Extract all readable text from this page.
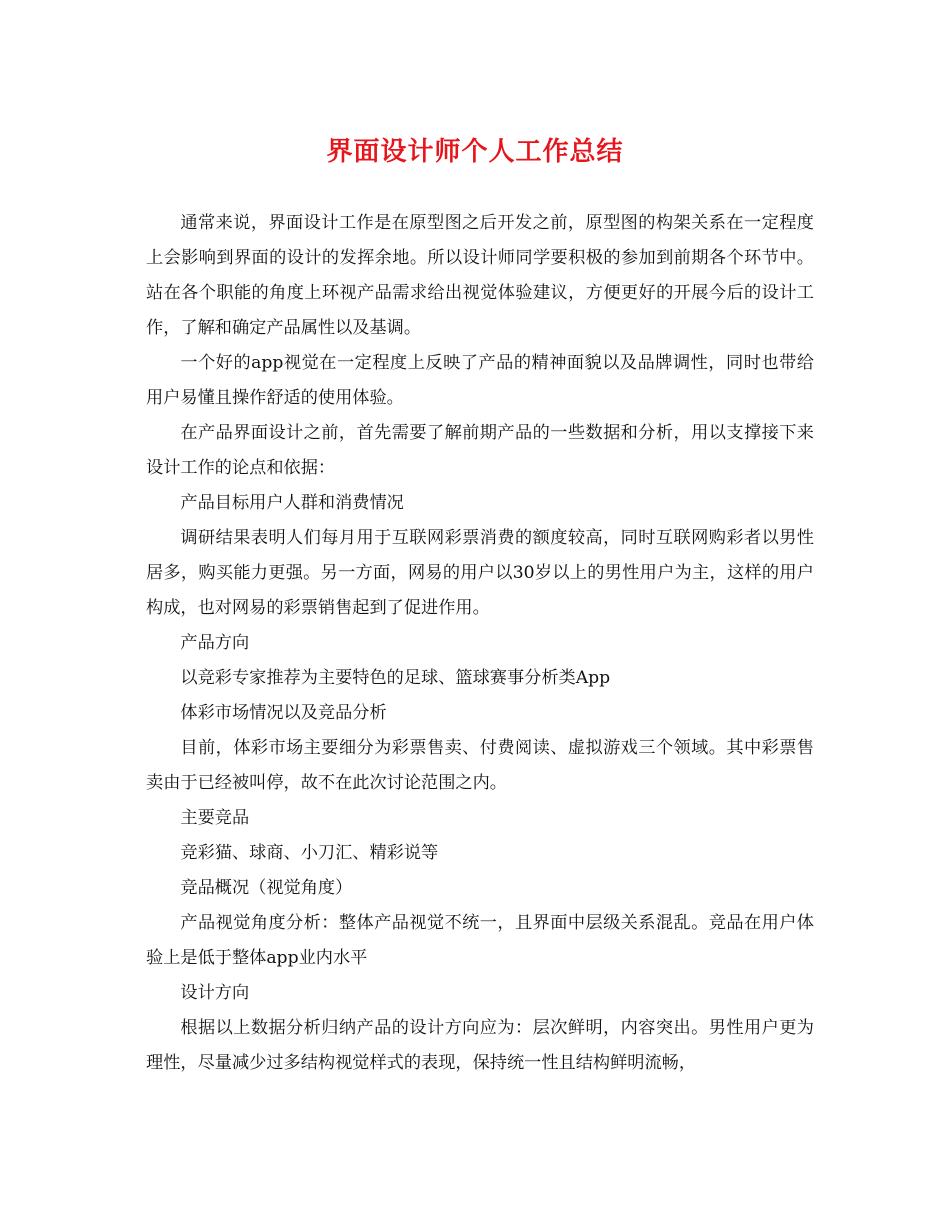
界面设计师个人工作总结

通常来说，界面设计工作是在原型图之后开发之前，原型图的构架关系在一定程度上会影响到界面的设计的发挥余地。所以设计师同学要积极的参加到前期各个环节中。站在各个职能的角度上环视产品需求给出视觉体验建议，方便更好的开展今后的设计工作，了解和确定产品属性以及基调。

一个好的app视觉在一定程度上反映了产品的精神面貌以及品牌调性，同时也带给用户易懂且操作舒适的使用体验。

在产品界面设计之前，首先需要了解前期产品的一些数据和分析，用以支撑接下来设计工作的论点和依据：

产品目标用户人群和消费情况

调研结果表明人们每月用于互联网彩票消费的额度较高，同时互联网购彩者以男性居多，购买能力更强。另一方面，网易的用户以30岁以上的男性用户为主，这样的用户构成，也对网易的彩票销售起到了促进作用。

产品方向

以竞彩专家推荐为主要特色的足球、篮球赛事分析类App

体彩市场情况以及竞品分析

目前，体彩市场主要细分为彩票售卖、付费阅读、虚拟游戏三个领域。其中彩票售卖由于已经被叫停，故不在此次讨论范围之内。

主要竞品

竞彩猫、球商、小刀汇、精彩说等

竞品概况（视觉角度）

产品视觉角度分析：整体产品视觉不统一，且界面中层级关系混乱。竞品在用户体验上是低于整体app业内水平

设计方向

根据以上数据分析归纳产品的设计方向应为：层次鲜明，内容突出。男性用户更为理性，尽量减少过多结构视觉样式的表现，保持统一性且结构鲜明流畅，
